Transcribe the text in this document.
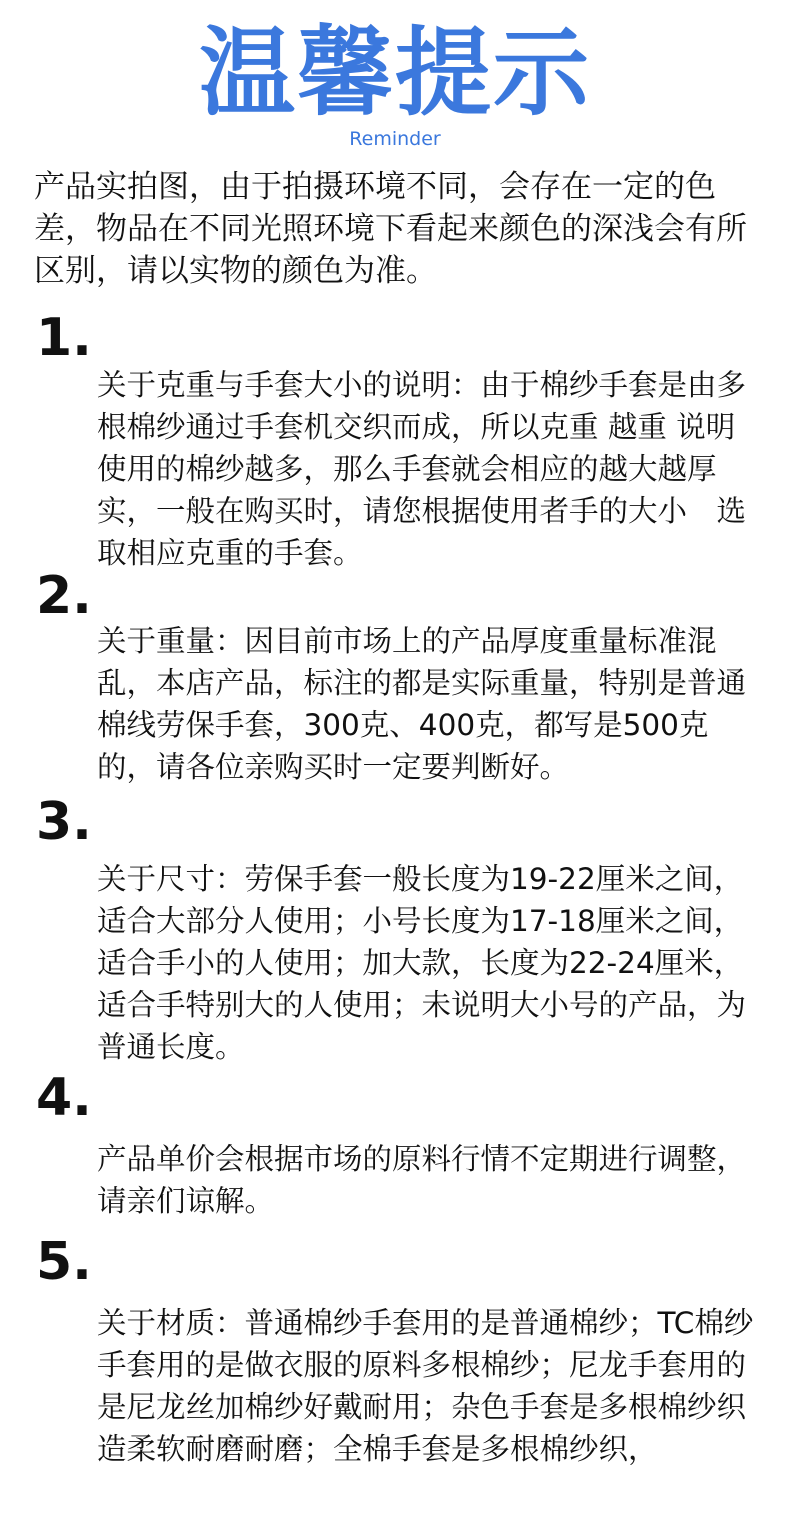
温馨提示
Reminder

产品实拍图，由于拍摄环境不同，会存在一定的色差，物品在不同光照环境下看起来颜色的深浅会有所区别，请以实物的颜色为准。

1.

关于克重与手套大小的说明：由于棉纱手套是由多根棉纱通过手套机交织而成，所以克重 越重 说明 使用的棉纱越多，那么手套就会相应的越大越厚实，一般在购买时，请您根据使用者手的大小　选取相应克重的手套。

2.

关于重量：因目前市场上的产品厚度重量标准混乱，本店产品，标注的都是实际重量，特别是普通棉线劳保手套，300克、400克，都写是500克的，请各位亲购买时一定要判断好。

3.

关于尺寸：劳保手套一般长度为19-22厘米之间，适合大部分人使用；小号长度为17-18厘米之间，适合手小的人使用；加大款，长度为22-24厘米，适合手特别大的人使用；未说明大小号的产品，为普通长度。

4.

产品单价会根据市场的原料行情不定期进行调整，请亲们谅解。

5.

关于材质：普通棉纱手套用的是普通棉纱；TC棉纱手套用的是做衣服的原料多根棉纱；尼龙手套用的是尼龙丝加棉纱好戴耐用；杂色手套是多根棉纱织造柔软耐磨耐磨；全棉手套是多根棉纱织，
